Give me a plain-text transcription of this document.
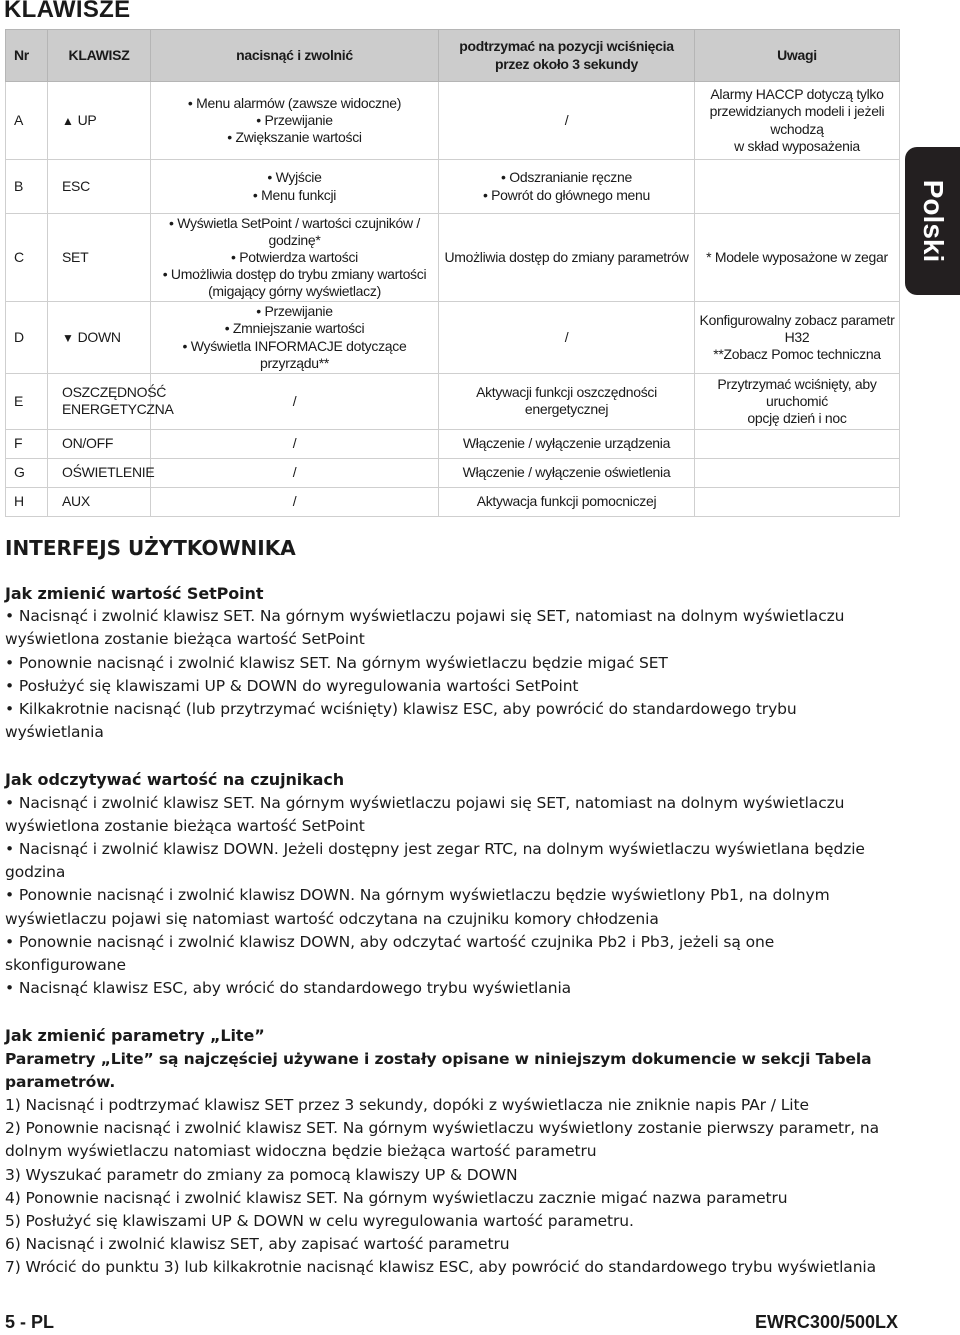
KLAWISZE
Polski
Nr	KLAWISZ	nacisnąć i zwolnić	podtrzymać na pozycji wciśnięcia przez około 3 sekundy	Uwagi
A	▲ UP	• Menu alarmów (zawsze widoczne)
• Przewijanie
• Zwiększanie wartości	/	Alarmy HACCP dotyczą tylko
przewidzianych modeli i jeżeli wchodzą
w skład wyposażenia

B	ESC	• Wyjście
• Menu funkcji	• Odszranianie ręczne
• Powrót do głównego menu	

C	SET	• Wyświetla SetPoint / wartości czujników / godzinę*
• Potwierdza wartości
• Umożliwia dostęp do trybu zmiany wartości
(migający górny wyświetlacz)	Umożliwia dostęp do zmiany parametrów	* Modele wyposażone w zegar

D	▼ DOWN	• Przewijanie
• Zmniejszanie wartości
• Wyświetla INFORMACJE dotyczące przyrządu**	/	Konfigurowalny zobacz parametr H32
**Zobacz Pomoc techniczna

E	OSZCZĘDNOŚĆ
ENERGETYCZNA	/	Aktywacji funkcji oszczędności energetycznej	Przytrzymać wciśnięty, aby uruchomić
opcję dzień i noc

F	ON/OFF	/	Włączenie / wyłączenie urządzenia	

G	OŚWIETLENIE	/	Włączenie / wyłączenie oświetlenia	

H	AUX	/	Aktywacja funkcji pomocniczej	

INTERFEJS UŻYTKOWNIKA

Jak zmienić wartość SetPoint

• Nacisnąć i zwolnić klawisz SET. Na górnym wyświetlaczu pojawi się SET, natomiast na dolnym wyświetlaczu wyświetlona zostanie bieżąca wartość SetPoint

• Ponownie nacisnąć i zwolnić klawisz SET. Na górnym wyświetlaczu będzie migać SET

• Posłużyć się klawiszami UP & DOWN do wyregulowania wartości SetPoint

• Kilkakrotnie nacisnąć (lub przytrzymać wciśnięty) klawisz ESC, aby powrócić do standardowego trybu wyświetlania

Jak odczytywać wartość na czujnikach

• Nacisnąć i zwolnić klawisz SET. Na górnym wyświetlaczu pojawi się SET, natomiast na dolnym wyświetlaczu wyświetlona zostanie bieżąca wartość SetPoint

• Nacisnąć i zwolnić klawisz DOWN. Jeżeli dostępny jest zegar RTC, na dolnym wyświetlaczu wyświetlana będzie godzina

• Ponownie nacisnąć i zwolnić klawisz DOWN. Na górnym wyświetlaczu będzie wyświetlony Pb1, na dolnym wyświetlaczu pojawi się natomiast wartość odczytana na czujniku komory chłodzenia

• Ponownie nacisnąć i zwolnić klawisz DOWN, aby odczytać wartość czujnika Pb2 i Pb3, jeżeli są one skonfigurowane

• Nacisnąć klawisz ESC, aby wrócić do standardowego trybu wyświetlania

Jak zmienić parametry „Lite”

Parametry „Lite” są najczęściej używane i zostały opisane w niniejszym dokumencie w sekcji Tabela parametrów.

1) Nacisnąć i podtrzymać klawisz SET przez 3 sekundy, dopóki z wyświetlacza nie zniknie napis PAr / Lite

2) Ponownie nacisnąć i zwolnić klawisz SET. Na górnym wyświetlaczu wyświetlony zostanie pierwszy parametr, na dolnym wyświetlaczu natomiast widoczna będzie bieżąca wartość parametru

3) Wyszukać parametr do zmiany za pomocą klawiszy UP & DOWN

4) Ponownie nacisnąć i zwolnić klawisz SET. Na górnym wyświetlaczu zacznie migać nazwa parametru

5) Posłużyć się klawiszami UP & DOWN w celu wyregulowania wartość parametru.

6) Nacisnąć i zwolnić klawisz SET, aby zapisać wartość parametru

7) Wrócić do punktu 3) lub kilkakrotnie nacisnąć klawisz ESC, aby powrócić do standardowego trybu wyświetlania

5 - PL	EWRC300/500LX
